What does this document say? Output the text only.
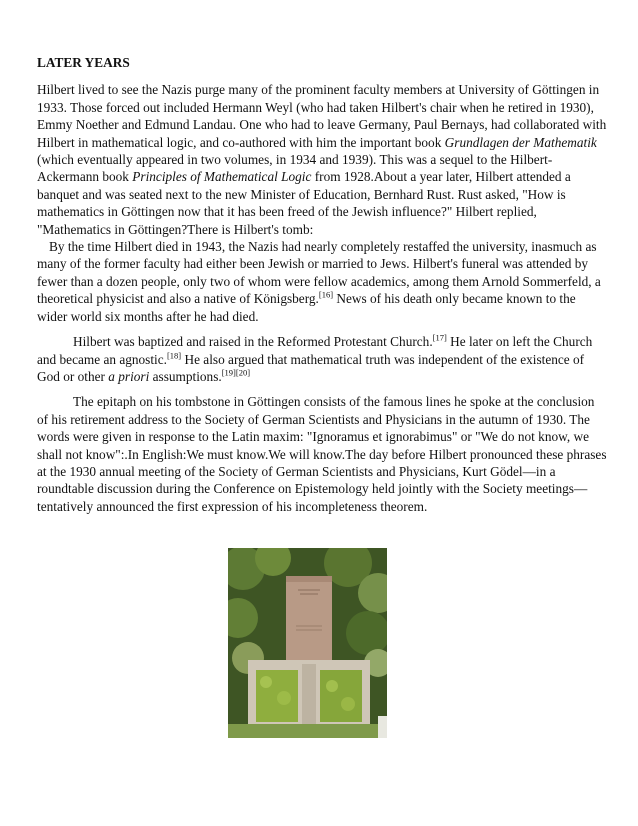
LATER YEARS

Hilbert lived to see the Nazis purge many of the prominent faculty members at University of Göttingen in 1933. Those forced out included Hermann Weyl (who had taken Hilbert's chair when he retired in 1930), Emmy Noether and Edmund Landau. One who had to leave Germany, Paul Bernays, had collaborated with Hilbert in mathematical logic, and co-authored with him the important book Grundlagen der Mathematik (which eventually appeared in two volumes, in 1934 and 1939). This was a sequel to the Hilbert-Ackermann book Principles of Mathematical Logic from 1928.About a year later, Hilbert attended a banquet and was seated next to the new Minister of Education, Bernhard Rust. Rust asked, "How is mathematics in Göttingen now that it has been freed of the Jewish influence?" Hilbert replied, "Mathematics in Göttingen?There is Hilbert's tomb:

By the time Hilbert died in 1943, the Nazis had nearly completely restaffed the university, inasmuch as many of the former faculty had either been Jewish or married to Jews. Hilbert's funeral was attended by fewer than a dozen people, only two of whom were fellow academics, among them Arnold Sommerfeld, a theoretical physicist and also a native of Königsberg.[16] News of his death only became known to the wider world six months after he had died.

Hilbert was baptized and raised in the Reformed Protestant Church.[17] He later on left the Church and became an agnostic.[18] He also argued that mathematical truth was independent of the existence of God or other a priori assumptions.[19][20]

The epitaph on his tombstone in Göttingen consists of the famous lines he spoke at the conclusion of his retirement address to the Society of German Scientists and Physicians in the autumn of 1930. The words were given in response to the Latin maxim: "Ignoramus et ignorabimus" or "We do not know, we shall not know":.In English:We must know.We will know.The day before Hilbert pronounced these phrases at the 1930 annual meeting of the Society of German Scientists and Physicians, Kurt Gödel—in a roundtable discussion during the Conference on Epistemology held jointly with the Society meetings—tentatively announced the first expression of his incompleteness theorem.
